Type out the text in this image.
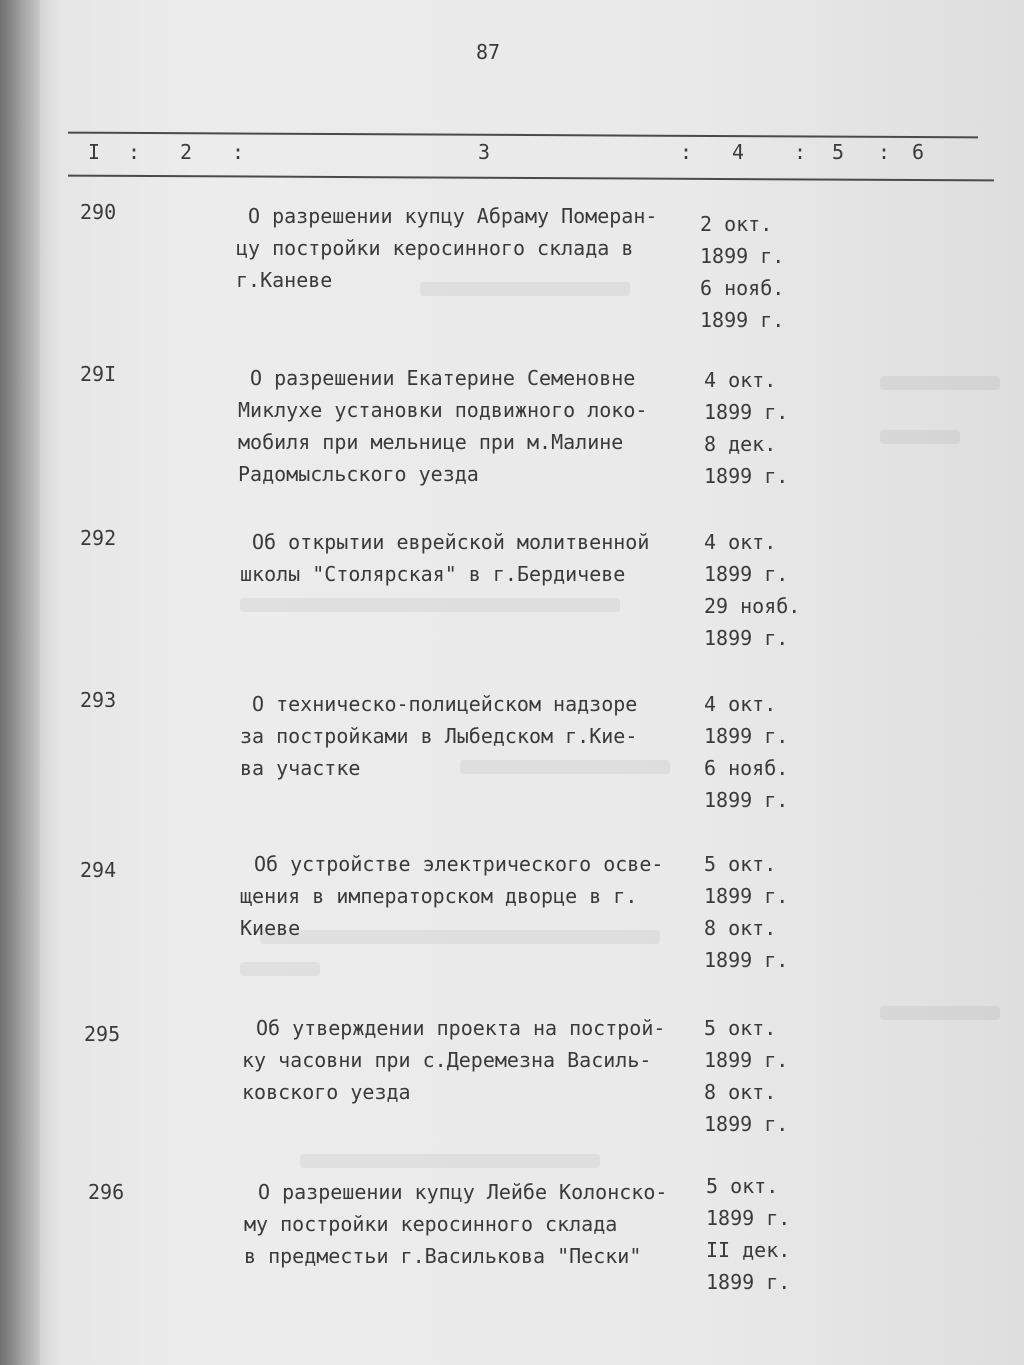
87
I : 2 :	3	: 4 : 5 : 6
290	О разрешении купцу Абраму Померан-
цу постройки керосинного склада в
г.Каневе
2 окт.
1899 г.
6 нояб.
1899 г.
29I	О разрешении Екатерине Семеновне
Миклухе установки подвижного локо-
мобиля при мельнице при м.Малине
Радомысльского уезда
4 окт.
1899 г.
8 дек.
1899 г.
292	Об открытии еврейской молитвенной
школы "Столярская" в г.Бердичеве
4 окт.
1899 г.
29 нояб.
1899 г.
293	О техническо-полицейском надзоре
за постройками в Лыбедском г.Кие-
ва участке
4 окт.
1899 г.
6 нояб.
1899 г.
294	Об устройстве электрического осве-
щения в императорском дворце в г.
Киеве
5 окт.
1899 г.
8 окт.
1899 г.
295	Об утверждении проекта на построй-
ку часовни при с.Деремезна Василь-
ковского уезда
5 окт.
1899 г.
8 окт.
1899 г.
296	О разрешении купцу Лейбе Колонско-
му постройки керосинного склада
в предместьи г.Василькова "Пески"
5 окт.
1899 г.
II дек.
1899 г.
